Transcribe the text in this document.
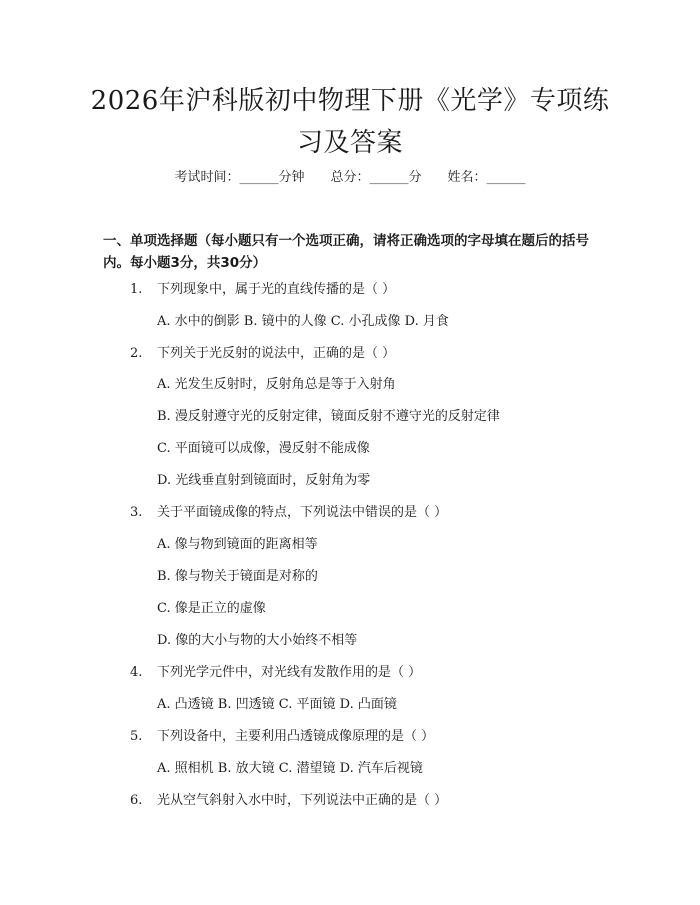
2026年沪科版初中物理下册《光学》专项练习及答案
考试时间：______分钟 总分：______分 姓名：______
一、单项选择题（每小题只有一个选项正确，请将正确选项的字母填在题后的括号内。每小题3分，共30分）
1. 下列现象中，属于光的直线传播的是（ ）
A. 水中的倒影 B. 镜中的人像 C. 小孔成像 D. 月食
2. 下列关于光反射的说法中，正确的是（ ）
A. 光发生反射时，反射角总是等于入射角
B. 漫反射遵守光的反射定律，镜面反射不遵守光的反射定律
C. 平面镜可以成像，漫反射不能成像
D. 光线垂直射到镜面时，反射角为零
3. 关于平面镜成像的特点，下列说法中错误的是（ ）
A. 像与物到镜面的距离相等
B. 像与物关于镜面是对称的
C. 像是正立的虚像
D. 像的大小与物的大小始终不相等
4. 下列光学元件中，对光线有发散作用的是（ ）
A. 凸透镜 B. 凹透镜 C. 平面镜 D. 凸面镜
5. 下列设备中，主要利用凸透镜成像原理的是（ ）
A. 照相机 B. 放大镜 C. 潜望镜 D. 汽车后视镜
6. 光从空气斜射入水中时，下列说法中正确的是（ ）
